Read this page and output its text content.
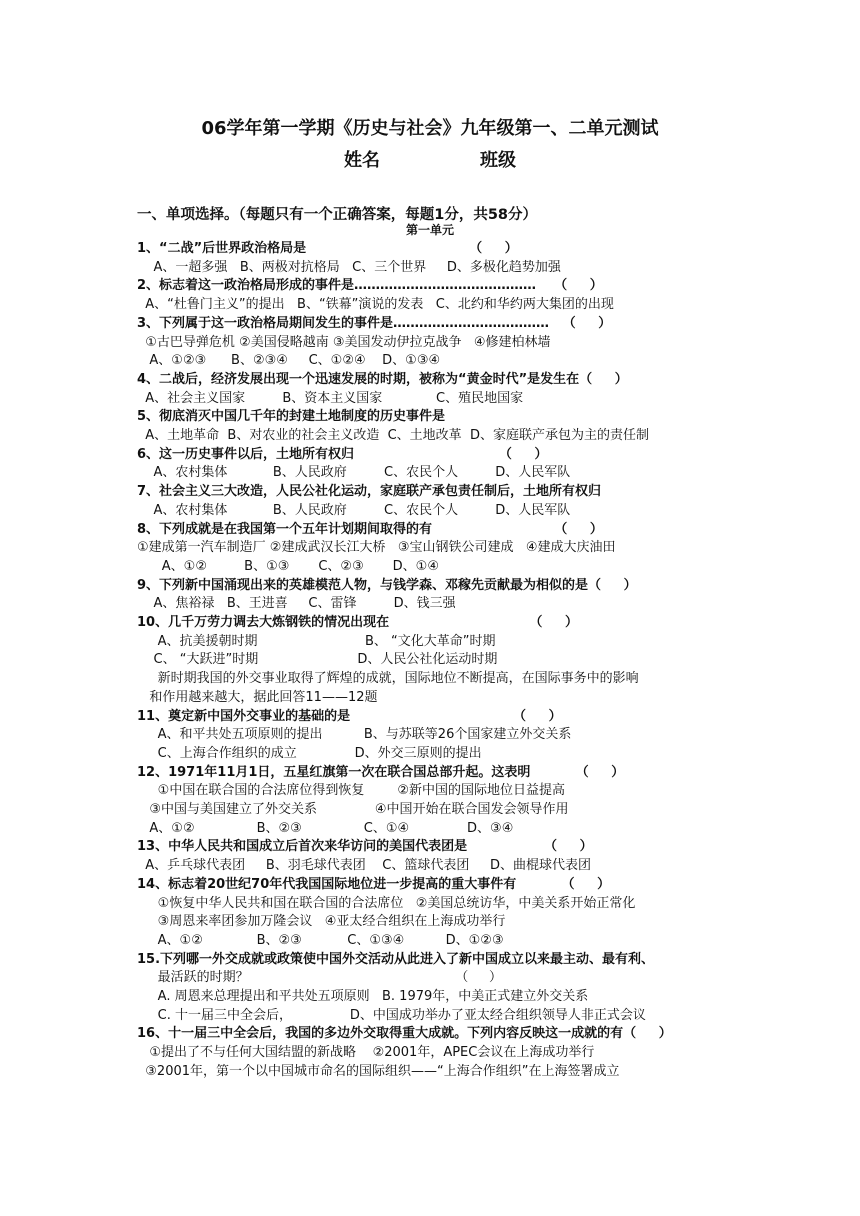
06学年第一学期《历史与社会》九年级第一、二单元测试
姓名	班级
一、单项选择。（每题只有一个正确答案，每题1分，共58分）
第一单元
1、“二战”后世界政治格局是                                    （     ）
A、一超多强   B、两极对抗格局   C、三个世界     D、多极化趋势加强
2、标志着这一政治格局形成的事件是……………………………………    （     ）
A、“杜鲁门主义”的提出   B、“铁幕”演说的发表   C、北约和华约两大集团的出现
3、下列属于这一政治格局期间发生的事件是………………………………   （     ）
①古巴导弹危机 ②美国侵略越南 ③美国发动伊拉克战争   ④修建柏林墙
A、①②③      B、②③④     C、①②④    D、①③④
4、二战后，经济发展出现一个迅速发展的时期，被称为“黄金时代”是发生在（     ）
A、社会主义国家         B、资本主义国家             C、殖民地国家
5、彻底消灭中国几千年的封建土地制度的历史事件是
A、土地革命  B、对农业的社会主义改造  C、土地改革  D、家庭联产承包为主的责任制
6、这一历史事件以后，土地所有权归                                （     ）
A、农村集体           B、人民政府         C、农民个人         D、人民军队
7、社会主义三大改造，人民公社化运动，家庭联产承包责任制后，土地所有权归
A、农村集体           B、人民政府         C、农民个人         D、人民军队
8、下列成就是在我国第一个五年计划期间取得的有                           （     ）
①建成第一汽车制造厂 ②建成武汉长江大桥   ③宝山钢铁公司建成   ④建成大庆油田
A、①②         B、①③       C、②③       D、①④
9、下列新中国涌现出来的英雄模范人物，与钱学森、邓稼先贡献最为相似的是（     ）
A、焦裕禄   B、王进喜     C、雷锋         D、钱三强
10、几千万劳力调去大炼钢铁的情况出现在                               （     ）
A、抗美援朝时期                          B、 “文化大革命”时期
C、 “大跃进”时期                        D、人民公社化运动时期
新时期我国的外交事业取得了辉煌的成就，国际地位不断提高，在国际事务中的影响
和作用越来越大，据此回答11——12题
11、奠定新中国外交事业的基础的是                                    （     ）
A、和平共处五项原则的提出          B、与苏联等26个国家建立外交关系
C、上海合作组织的成立              D、外交三原则的提出
12、1971年11月1日，五星红旗第一次在联合国总部升起。这表明          （     ）
①中国在联合国的合法席位得到恢复        ②新中国的国际地位日益提高
③中国与美国建立了外交关系              ④中国开始在联合国发会领导作用
A、①②               B、②③               C、①④              D、③④
13、中华人民共和国成立后首次来华访问的美国代表团是                 （     ）
A、乒乓球代表团     B、羽毛球代表团    C、篮球代表团     D、曲棍球代表团
14、标志着20世纪70年代我国国际地位进一步提高的重大事件有          （     ）
①恢复中华人民共和国在联合国的合法席位   ②美国总统访华，中美关系开始正常化
③周恩来率团参加万隆会议   ④亚太经合组织在上海成功举行
A、①②             B、②③           C、①③④          D、①②③
15.下列哪一外交成就或政策使中国外交活动从此进入了新中国成立以来最主动、最有利、
最活跃的时期？                                                  （     ）
A. 周恩来总理提出和平共处五项原则   B. 1979年，中美正式建立外交关系
C. 十一届三中全会后，              D、中国成功举办了亚太经合组织领导人非正式会议
16、十一届三中全会后，我国的多边外交取得重大成就。下列内容反映这一成就的有（     ）
①提出了不与任何大国结盟的新战略    ②2001年，APEC会议在上海成功举行
③2001年，第一个以中国城市命名的国际组织——“上海合作组织”在上海签署成立
